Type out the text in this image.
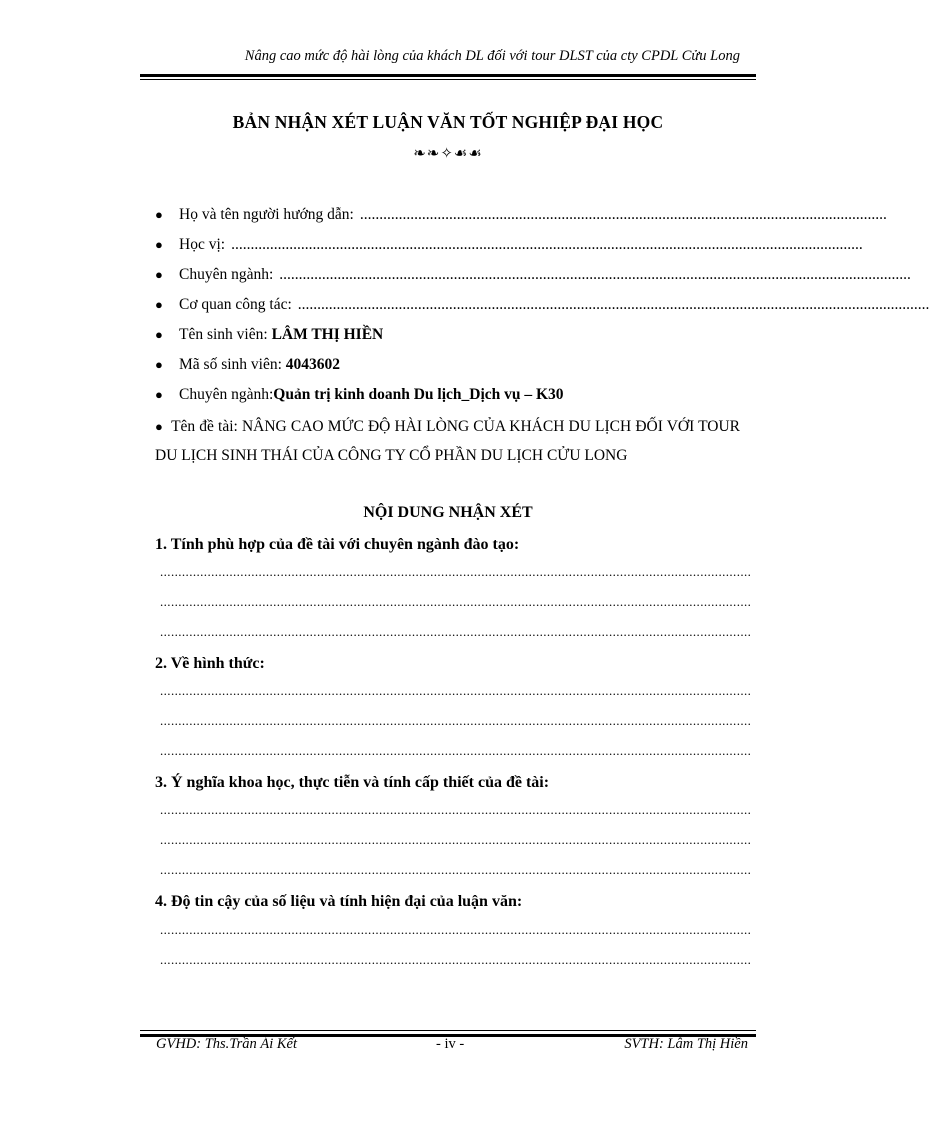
Nâng cao mức độ hài lòng của khách DL đối với tour DLST của cty CPDL Cửu Long
BẢN NHẬN XÉT LUẬN VĂN TỐT NGHIỆP ĐẠI HỌC
❧❧✧☙☙
●	Họ và tên người hướng dẫn: ........................................................................................................................................
●	Học vị: ...................................................................................................................................................................
●	Chuyên ngành: ...................................................................................................................................................................
●	Cơ quan công tác: ...................................................................................................................................................................
●	Tên sinh viên:
LÂM THỊ HIỀN
●	Mã số sinh viên:
4043602
●	Chuyên ngành: Quản trị kinh doanh Du lịch_Dịch vụ – K30
● Tên đề tài: NÂNG CAO MỨC ĐỘ HÀI LÒNG CỦA KHÁCH DU LỊCH ĐỐI VỚI TOUR DU LỊCH SINH THÁI CỦA CÔNG TY CỔ PHẦN DU LỊCH CỬU LONG
NỘI DUNG NHẬN XÉT
1. Tính phù hợp của đề tài với chuyên ngành đào tạo:
..................................................................................................................................................................
..................................................................................................................................................................
..................................................................................................................................................................
2. Về hình thức:
..................................................................................................................................................................
..................................................................................................................................................................
..................................................................................................................................................................
3. Ý nghĩa khoa học, thực tiễn và tính cấp thiết của đề tài:
..................................................................................................................................................................
..................................................................................................................................................................
..................................................................................................................................................................
4. Độ tin cậy của số liệu và tính hiện đại của luận văn:
..................................................................................................................................................................
..................................................................................................................................................................
GVHD: Ths.Trần Ái Kết	- iv -	SVTH: Lâm Thị Hiền
